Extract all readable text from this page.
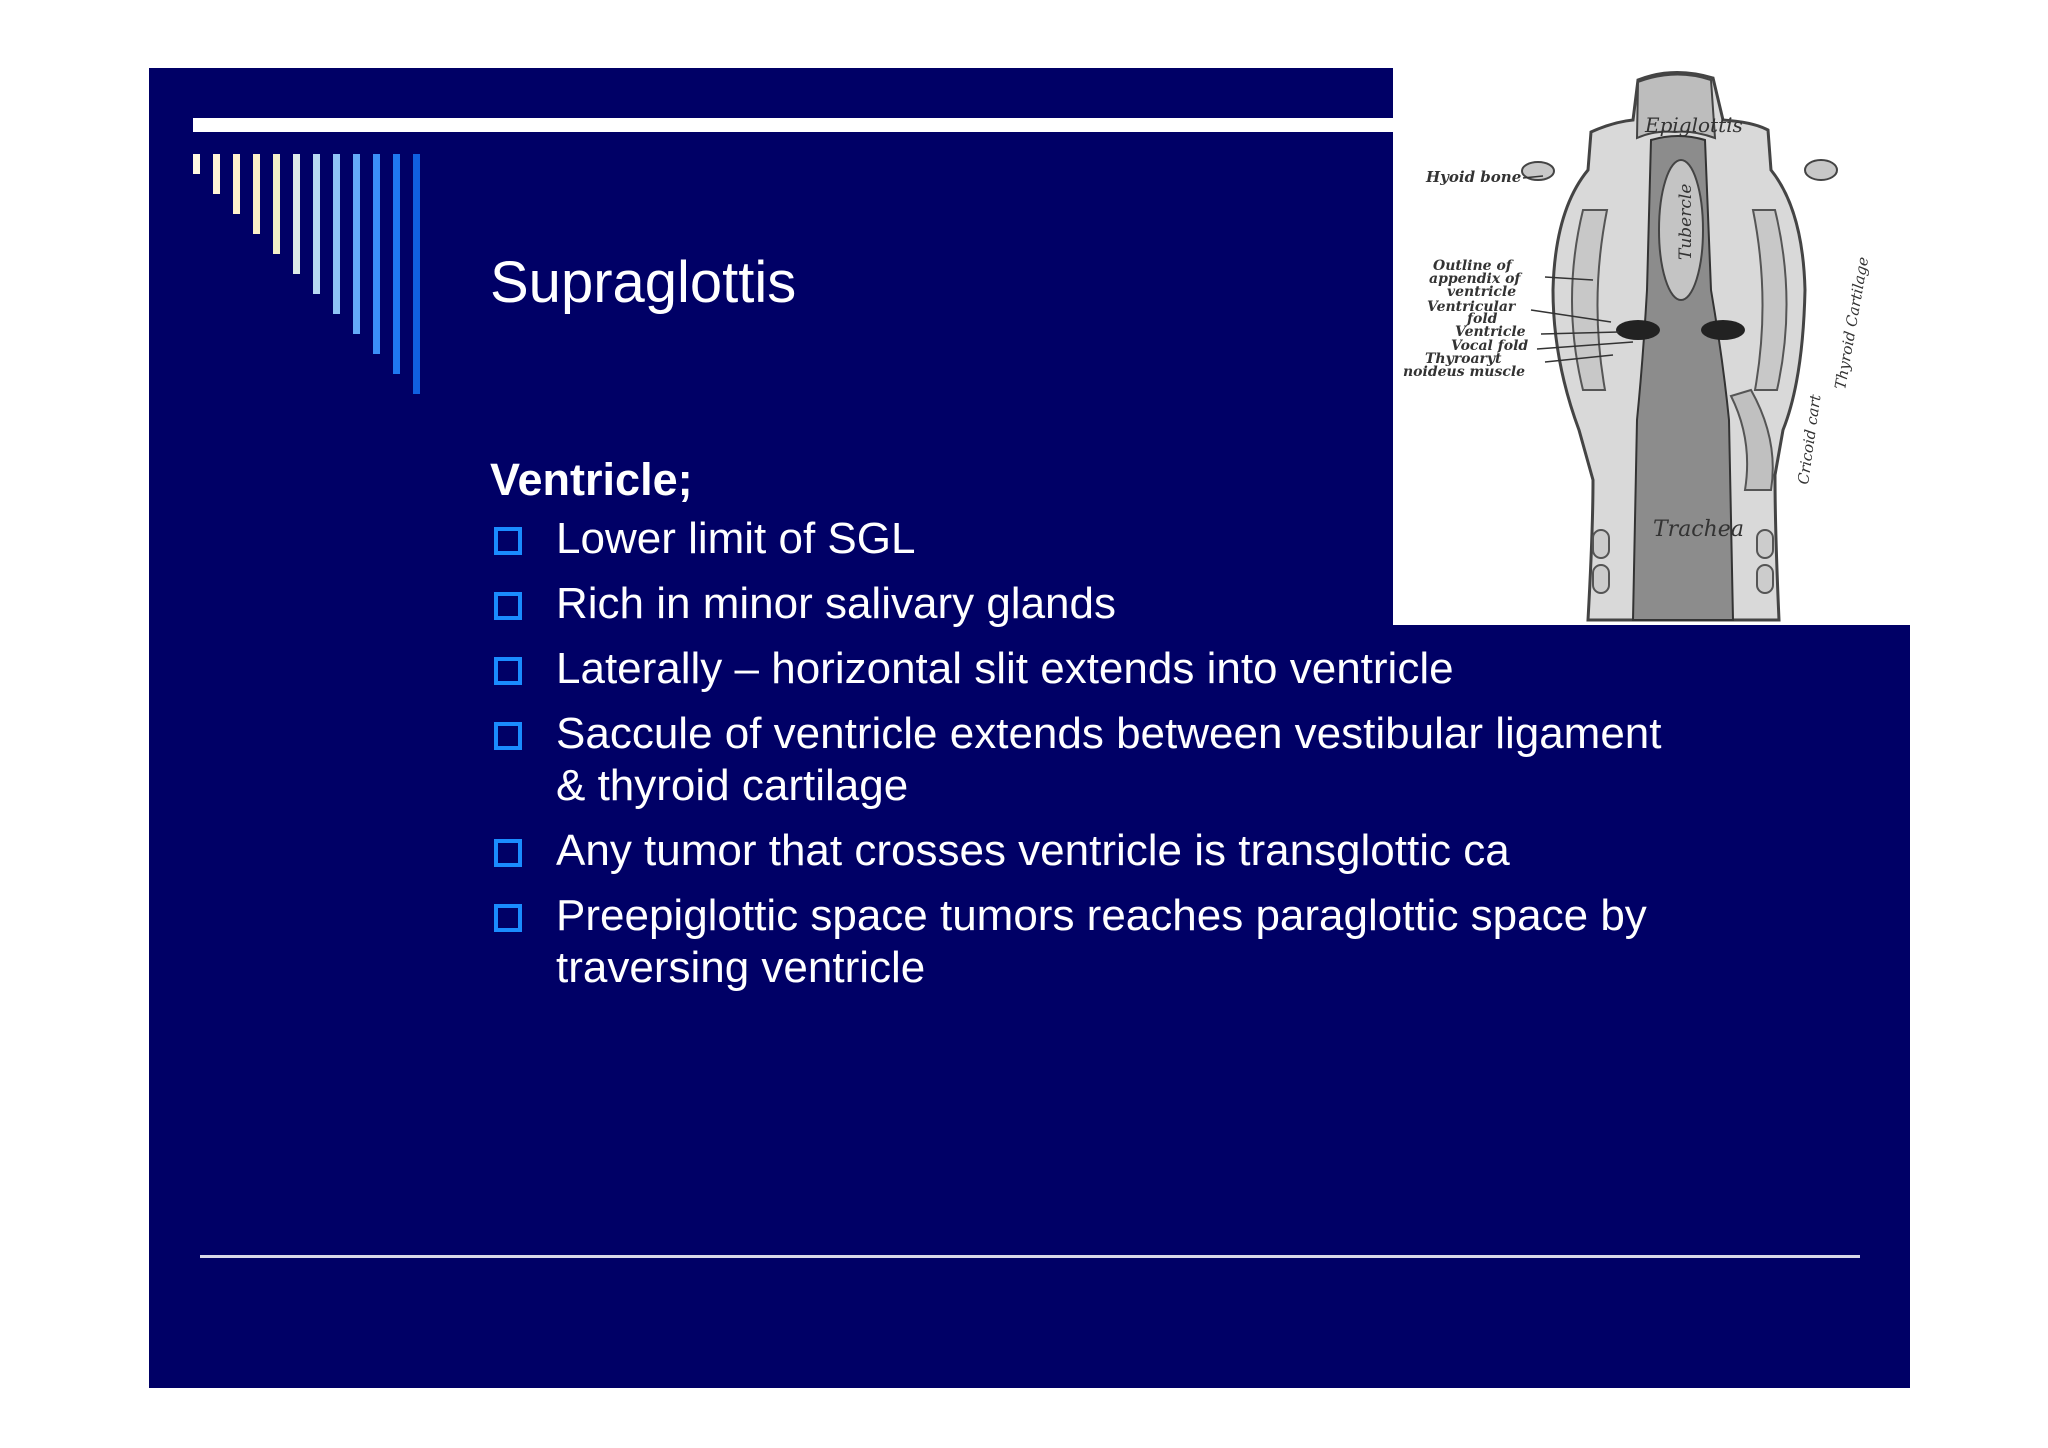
Supraglottis
Ventricle;
Lower limit of SGL
Rich in minor salivary glands
Laterally – horizontal slit extends into ventricle
Saccule of ventricle extends between vestibular ligament
& thyroid cartilage
Any tumor that crosses ventricle is transglottic ca
Preepiglottic space tumors reaches paraglottic space by
traversing ventricle
Epiglottis
Hyoid bone
Tubercle
Outline of
appendix of
ventricle
Ventricular
fold
Ventricle
Vocal fold
Thyroaryt
noideus muscle	Thyroid Cartilage
Cricoid cart
Trachea
